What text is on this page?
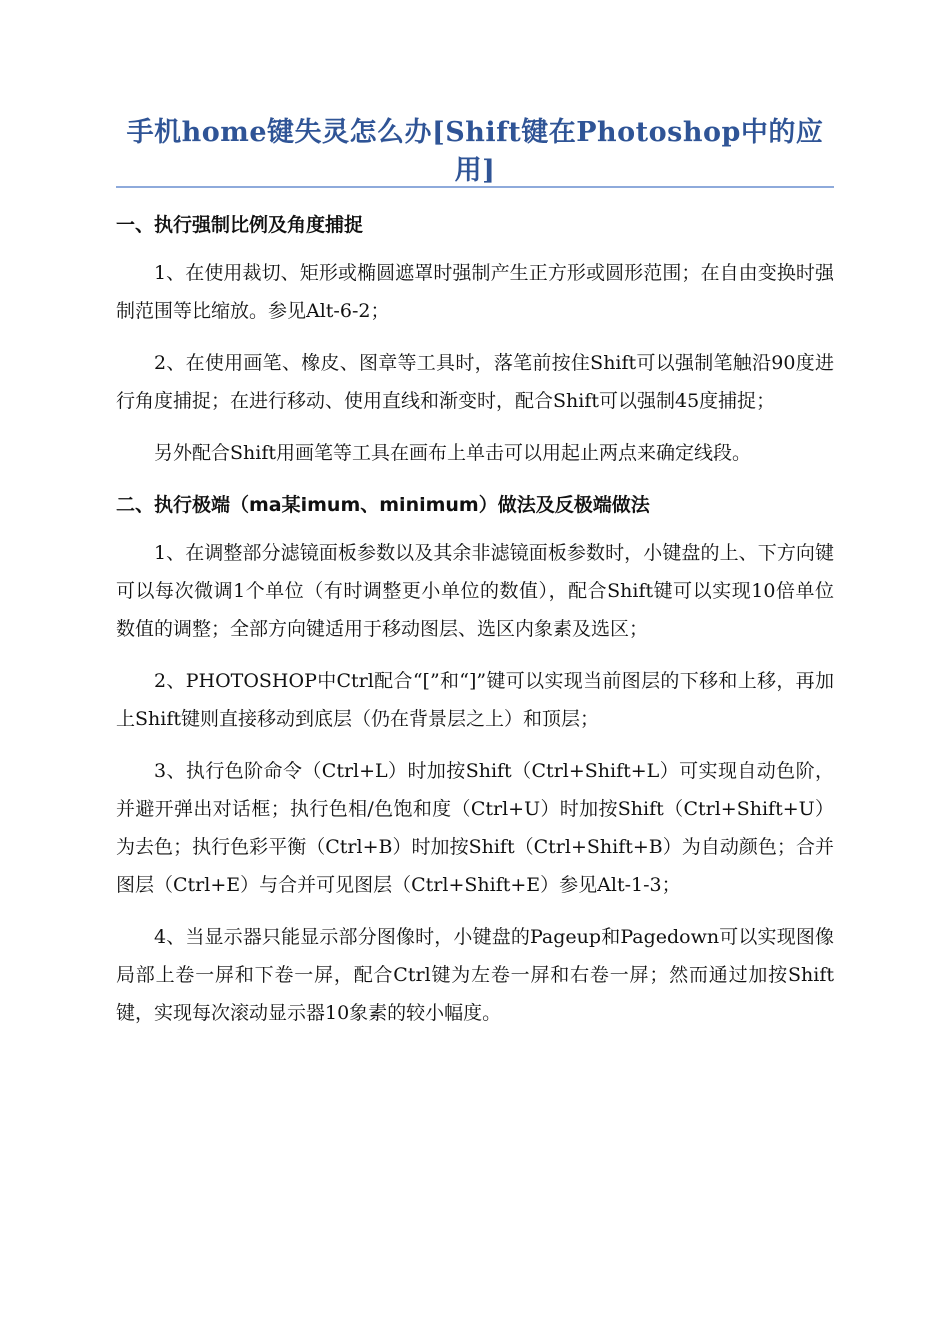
手机home键失灵怎么办[Shift键在Photoshop中的应用]
一、执行强制比例及角度捕捉

1、在使用裁切、矩形或椭圆遮罩时强制产生正方形或圆形范围；在自由变换时强制范围等比缩放。参见Alt-6-2；

2、在使用画笔、橡皮、图章等工具时，落笔前按住Shift可以强制笔触沿90度进行角度捕捉；在进行移动、使用直线和渐变时，配合Shift可以强制45度捕捉；

另外配合Shift用画笔等工具在画布上单击可以用起止两点来确定线段。

二、执行极端（ma某imum、minimum）做法及反极端做法

1、在调整部分滤镜面板参数以及其余非滤镜面板参数时，小键盘的上、下方向键可以每次微调1个单位（有时调整更小单位的数值），配合Shift键可以实现10倍单位数值的调整；全部方向键适用于移动图层、选区内象素及选区；

2、PHOTOSHOP中Ctrl配合“[”和“]”键可以实现当前图层的下移和上移，再加上Shift键则直接移动到底层（仍在背景层之上）和顶层；

3、执行色阶命令（Ctrl+L）时加按Shift（Ctrl+Shift+L）可实现自动色阶，并避开弹出对话框；执行色相/色饱和度（Ctrl+U）时加按Shift（Ctrl+Shift+U）为去色；执行色彩平衡（Ctrl+B）时加按Shift（Ctrl+Shift+B）为自动颜色；合并图层（Ctrl+E）与合并可见图层（Ctrl+Shift+E）参见Alt-1-3；

4、当显示器只能显示部分图像时，小键盘的Pageup和Pagedown可以实现图像局部上卷一屏和下卷一屏，配合Ctrl键为左卷一屏和右卷一屏；然而通过加按Shift键，实现每次滚动显示器10象素的较小幅度。
